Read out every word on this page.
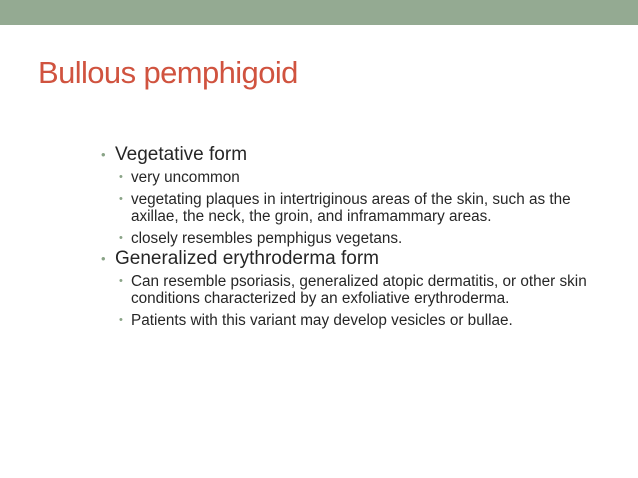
Bullous pemphigoid
• Vegetative form
• very uncommon
• vegetating plaques in intertriginous areas of the skin, such as the axillae, the neck, the groin, and inframammary areas.
• closely resembles pemphigus vegetans.
• Generalized erythroderma form
• Can resemble psoriasis, generalized atopic dermatitis, or other skin conditions characterized by an exfoliative erythroderma.
• Patients with this variant may develop vesicles or bullae.
